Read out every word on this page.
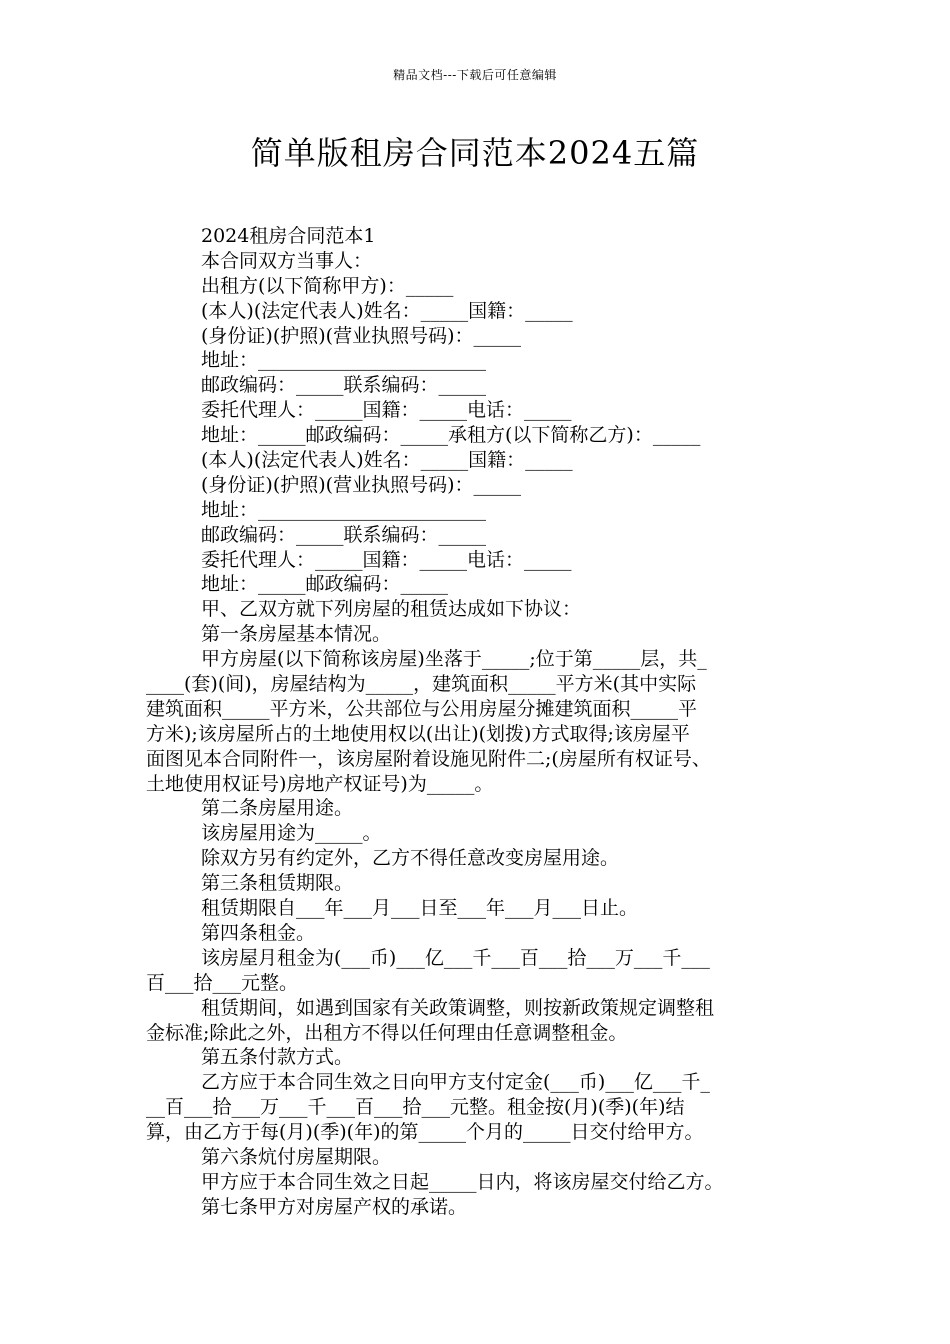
精品文档---下载后可任意编辑
简单版租房合同范本2024五篇
2024租房合同范本1
本合同双方当事人：
出租方(以下简称甲方)：_____
(本人)(法定代表人)姓名：_____国籍：_____
(身份证)(护照)(营业执照号码)：_____
地址：________________________
邮政编码：_____联系编码：_____
委托代理人：_____国籍：_____电话：_____
地址：_____邮政编码：_____承租方(以下简称乙方)：_____
(本人)(法定代表人)姓名：_____国籍：_____
(身份证)(护照)(营业执照号码)：_____
地址：________________________
邮政编码：_____联系编码：_____
委托代理人：_____国籍：_____电话：_____
地址：_____邮政编码：_____
甲、乙双方就下列房屋的租赁达成如下协议：
第一条房屋基本情况。
甲方房屋(以下简称该房屋)坐落于_____;位于第_____层，共_
____(套)(间)，房屋结构为_____，建筑面积_____平方米(其中实际
建筑面积_____平方米，公共部位与公用房屋分摊建筑面积_____平
方米);该房屋所占的土地使用权以(出让)(划拨)方式取得;该房屋平
面图见本合同附件一，该房屋附着设施见附件二;(房屋所有权证号、
土地使用权证号)房地产权证号)为_____。
第二条房屋用途。
该房屋用途为_____。
除双方另有约定外，乙方不得任意改变房屋用途。
第三条租赁期限。
租赁期限自___年___月___日至___年___月___日止。
第四条租金。
该房屋月租金为(___币)___亿___千___百___拾___万___千___
百___拾___元整。
租赁期间，如遇到国家有关政策调整，则按新政策规定调整租
金标准;除此之外，出租方不得以任何理由任意调整租金。
第五条付款方式。
乙方应于本合同生效之日向甲方支付定金(___币)___亿___千_
__百___拾___万___千___百___拾___元整。租金按(月)(季)(年)结
算，由乙方于每(月)(季)(年)的第_____个月的_____日交付给甲方。
第六条炕付房屋期限。
甲方应于本合同生效之日起_____日内，将该房屋交付给乙方。
第七条甲方对房屋产权的承诺。
